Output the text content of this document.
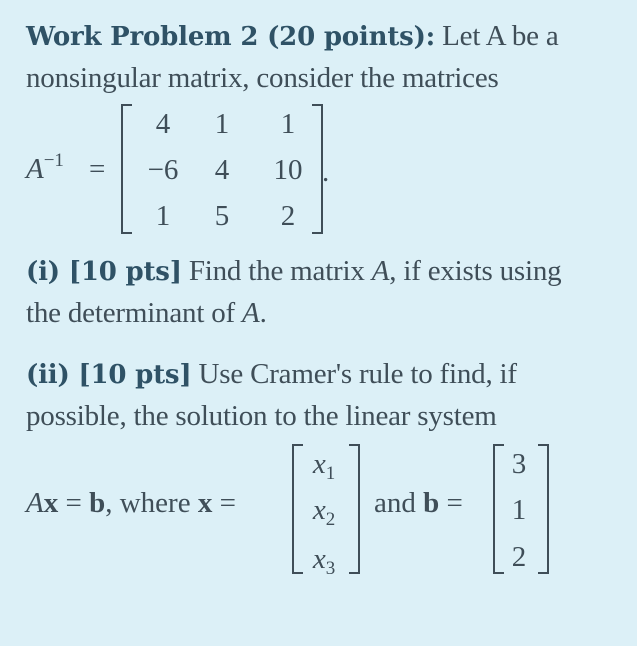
Work Problem 2 (20 points): Let A be a
nonsingular matrix, consider the matrices
$A^{-1}$ =
4	1	1
−6	4	10
1	5	2
.
(i) [10 pts] Find the matrix A, if exists using
the determinant of A.
(ii) [10 pts] Use Cramer's rule to find, if
possible, the solution to the linear system
Ax = b, where x =
$x_1$
$x_2$
$x_3$
and b =
3
1
2
